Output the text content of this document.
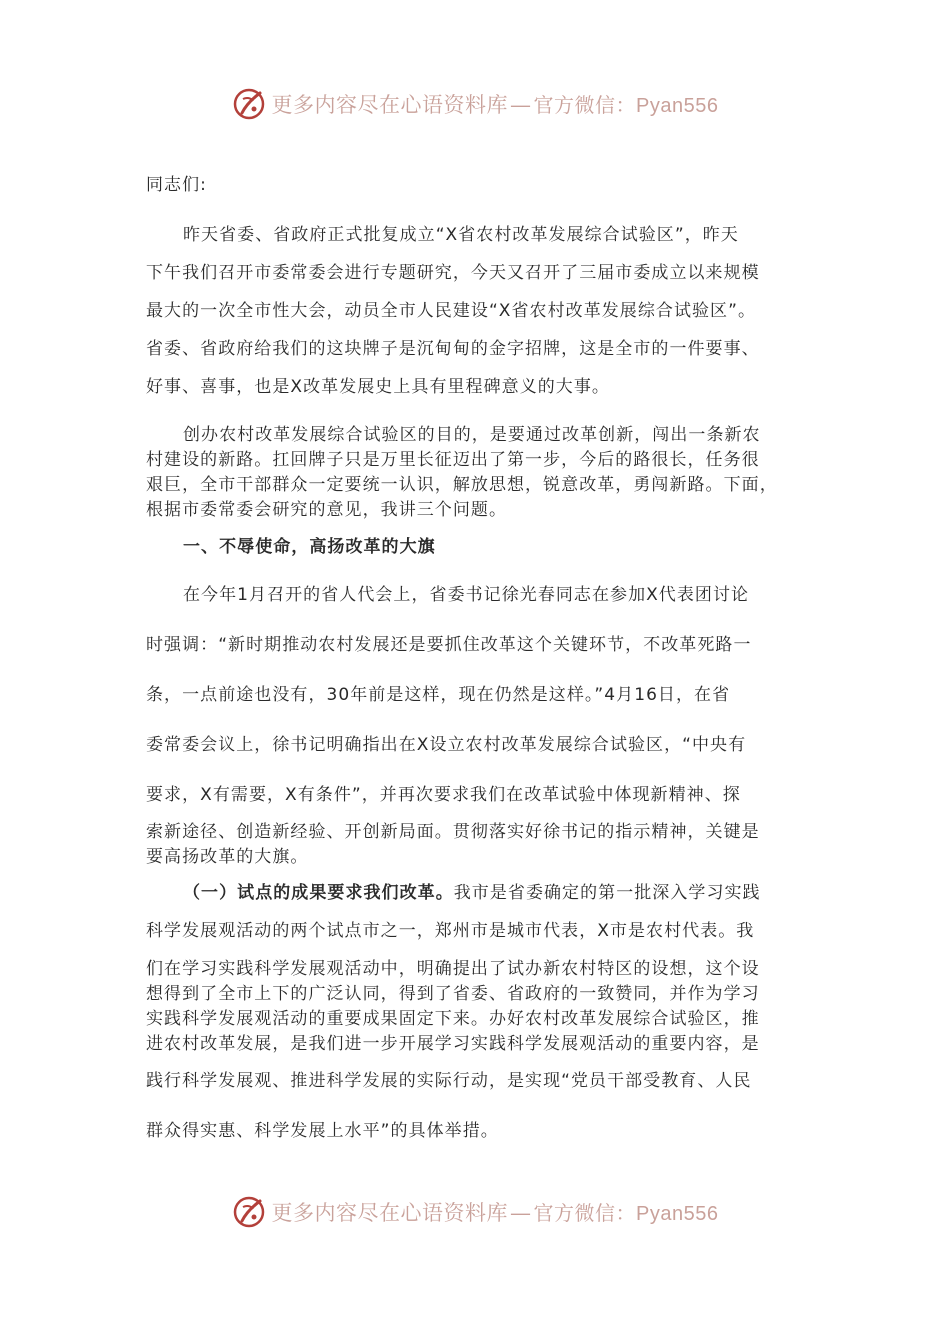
更多内容尽在心语资料库— 官方微信：Pyan556
同志们:
昨天省委、省政府正式批复成立“X省农村改革发展综合试验区”，昨天
下午我们召开市委常委会进行专题研究，今天又召开了三届市委成立以来规模
最大的一次全市性大会，动员全市人民建设“X省农村改革发展综合试验区”。
省委、省政府给我们的这块牌子是沉甸甸的金字招牌，这是全市的一件要事、
好事、喜事，也是X改革发展史上具有里程碑意义的大事。
创办农村改革发展综合试验区的目的，是要通过改革创新，闯出一条新农
村建设的新路。扛回牌子只是万里长征迈出了第一步，今后的路很长，任务很
艰巨，全市干部群众一定要统一认识，解放思想，锐意改革，勇闯新路。下面，
根据市委常委会研究的意见，我讲三个问题。
一、不辱使命，高扬改革的大旗
在今年1月召开的省人代会上，省委书记徐光春同志在参加X代表团讨论
时强调：“新时期推动农村发展还是要抓住改革这个关键环节，不改革死路一
条，一点前途也没有，30年前是这样，现在仍然是这样。”4月16日，在省
委常委会议上，徐书记明确指出在X设立农村改革发展综合试验区，“中央有
要求，X有需要，X有条件”，并再次要求我们在改革试验中体现新精神、探
索新途径、创造新经验、开创新局面。贯彻落实好徐书记的指示精神，关键是
要高扬改革的大旗。
（一）试点的成果要求我们改革。我市是省委确定的第一批深入学习实践
科学发展观活动的两个试点市之一，郑州市是城市代表，X市是农村代表。我
们在学习实践科学发展观活动中，明确提出了试办新农村特区的设想，这个设
想得到了全市上下的广泛认同，得到了省委、省政府的一致赞同，并作为学习
实践科学发展观活动的重要成果固定下来。办好农村改革发展综合试验区，推
进农村改革发展，是我们进一步开展学习实践科学发展观活动的重要内容，是
践行科学发展观、推进科学发展的实际行动，是实现“党员干部受教育、人民
群众得实惠、科学发展上水平”的具体举措。
更多内容尽在心语资料库— 官方微信：Pyan556
